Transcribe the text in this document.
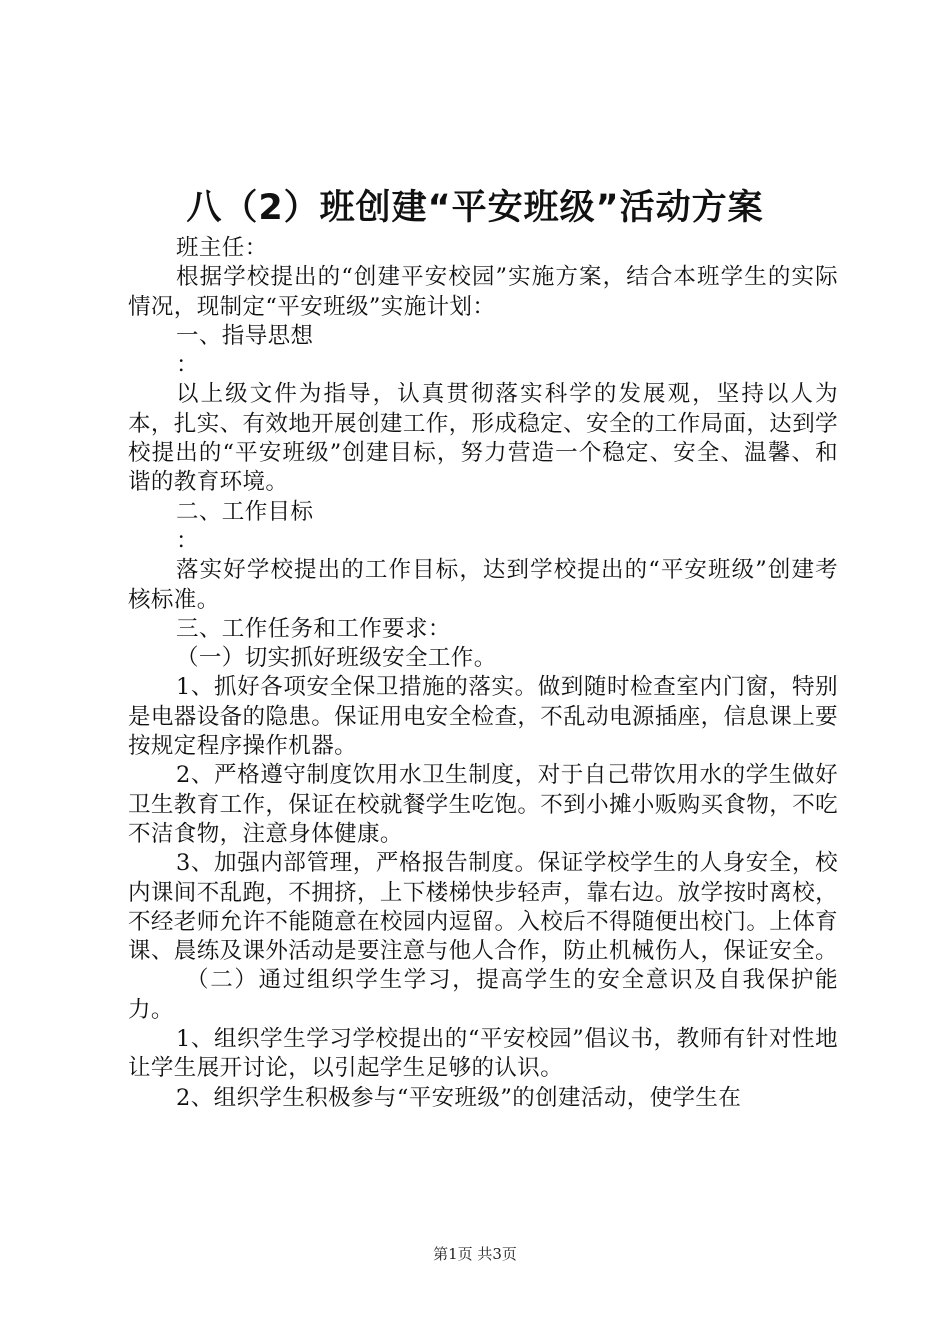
八（2）班创建“平安班级”活动方案

班主任：

根据学校提出的“创建平安校园”实施方案，结合本班学生的实际情况，现制定“平安班级”实施计划：

一、指导思想

：

以上级文件为指导，认真贯彻落实科学的发展观，坚持以人为本，扎实、有效地开展创建工作，形成稳定、安全的工作局面，达到学校提出的“平安班级”创建目标，努力营造一个稳定、安全、温馨、和谐的教育环境。

二、工作目标

：

落实好学校提出的工作目标，达到学校提出的“平安班级”创建考核标准。

三、工作任务和工作要求：

（一）切实抓好班级安全工作。

1、抓好各项安全保卫措施的落实。做到随时检查室内门窗，特别是电器设备的隐患。保证用电安全检查，不乱动电源插座，信息课上要按规定程序操作机器。

2、严格遵守制度饮用水卫生制度，对于自己带饮用水的学生做好卫生教育工作，保证在校就餐学生吃饱。不到小摊小贩购买食物，不吃不洁食物，注意身体健康。

3、加强内部管理，严格报告制度。保证学校学生的人身安全，校内课间不乱跑，不拥挤，上下楼梯快步轻声，靠右边。放学按时离校，不经老师允许不能随意在校园内逗留。入校后不得随便出校门。上体育课、晨练及课外活动是要注意与他人合作，防止机械伤人，保证安全。

（二）通过组织学生学习，提高学生的安全意识及自我保护能力。

1、组织学生学习学校提出的“平安校园”倡议书，教师有针对性地让学生展开讨论，以引起学生足够的认识。

2、组织学生积极参与“平安班级”的创建活动，使学生在

第1页 共3页
